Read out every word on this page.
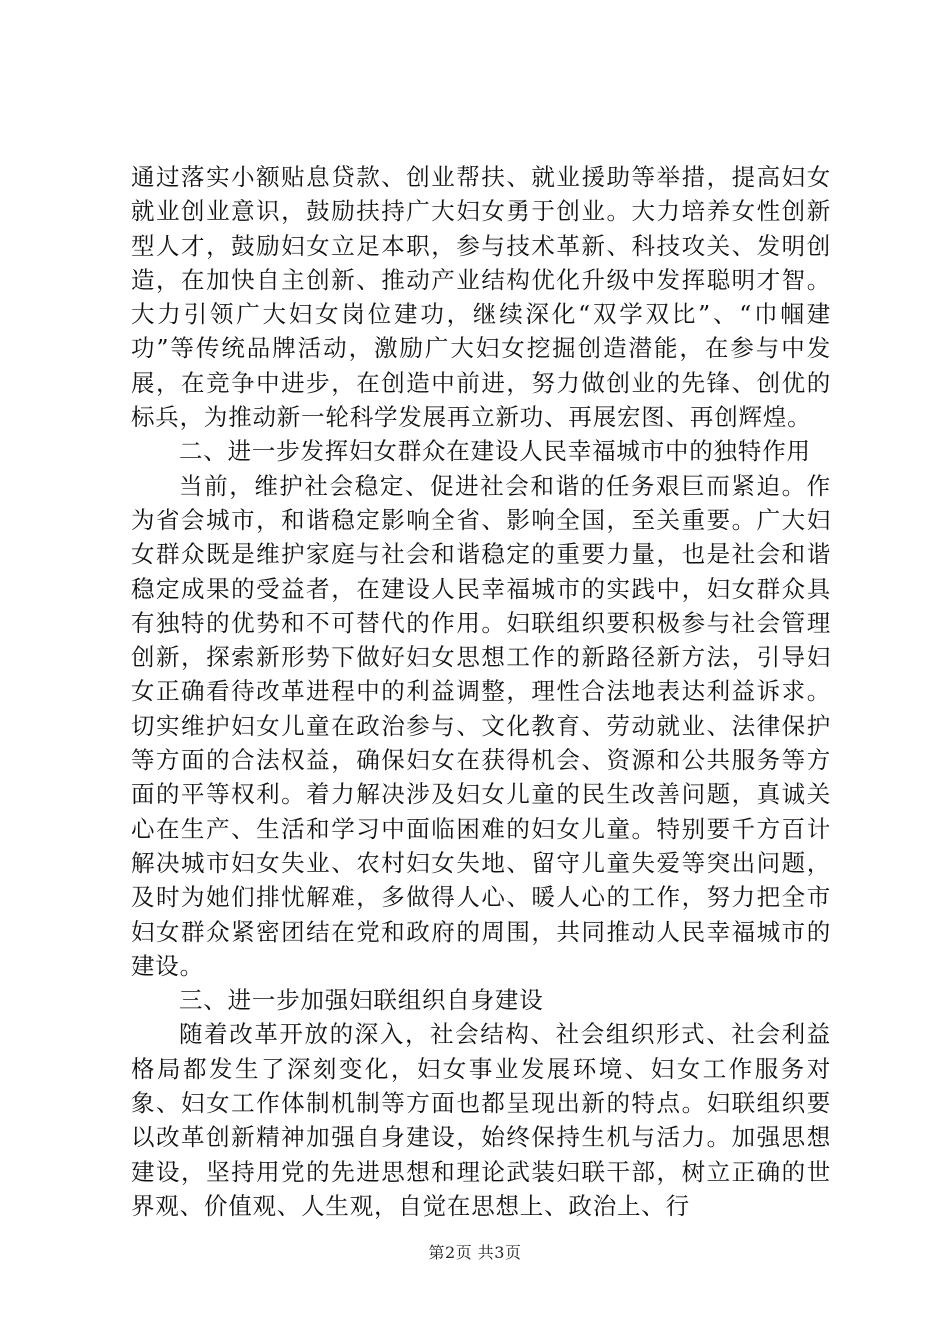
通过落实小额贴息贷款、创业帮扶、就业援助等举措，提高妇女就业创业意识，鼓励扶持广大妇女勇于创业。大力培养女性创新型人才，鼓励妇女立足本职，参与技术革新、科技攻关、发明创造，在加快自主创新、推动产业结构优化升级中发挥聪明才智。大力引领广大妇女岗位建功，继续深化“双学双比”、“巾帼建功”等传统品牌活动，激励广大妇女挖掘创造潜能，在参与中发展，在竞争中进步，在创造中前进，努力做创业的先锋、创优的标兵，为推动新一轮科学发展再立新功、再展宏图、再创辉煌。

二、进一步发挥妇女群众在建设人民幸福城市中的独特作用

当前，维护社会稳定、促进社会和谐的任务艰巨而紧迫。作为省会城市，和谐稳定影响全省、影响全国，至关重要。广大妇女群众既是维护家庭与社会和谐稳定的重要力量，也是社会和谐稳定成果的受益者，在建设人民幸福城市的实践中，妇女群众具有独特的优势和不可替代的作用。妇联组织要积极参与社会管理创新，探索新形势下做好妇女思想工作的新路径新方法，引导妇女正确看待改革进程中的利益调整，理性合法地表达利益诉求。切实维护妇女儿童在政治参与、文化教育、劳动就业、法律保护等方面的合法权益，确保妇女在获得机会、资源和公共服务等方面的平等权利。着力解决涉及妇女儿童的民生改善问题，真诚关心在生产、生活和学习中面临困难的妇女儿童。特别要千方百计解决城市妇女失业、农村妇女失地、留守儿童失爱等突出问题，及时为她们排忧解难，多做得人心、暖人心的工作，努力把全市妇女群众紧密团结在党和政府的周围，共同推动人民幸福城市的建设。

三、进一步加强妇联组织自身建设

随着改革开放的深入，社会结构、社会组织形式、社会利益格局都发生了深刻变化，妇女事业发展环境、妇女工作服务对象、妇女工作体制机制等方面也都呈现出新的特点。妇联组织要以改革创新精神加强自身建设，始终保持生机与活力。加强思想建设，坚持用党的先进思想和理论武装妇联干部，树立正确的世界观、价值观、人生观，自觉在思想上、政治上、行

第2页 共3页
